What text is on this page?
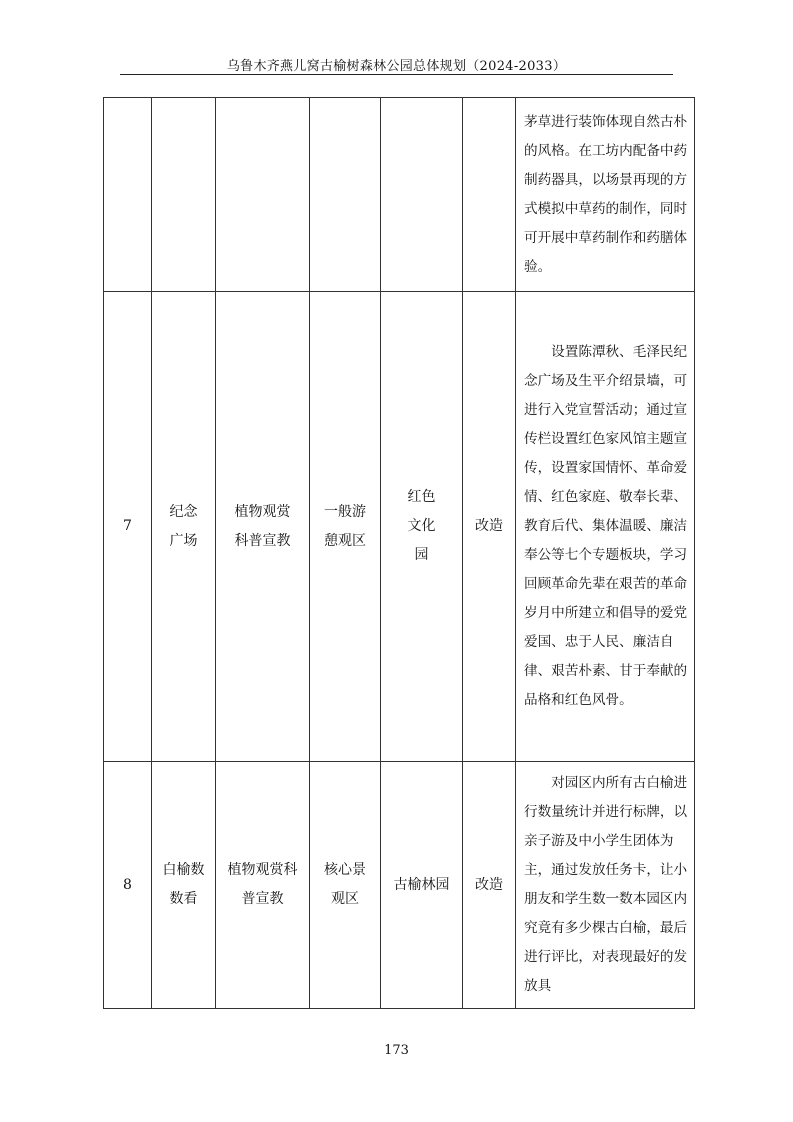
乌鲁木齐燕儿窝古榆树森林公园总体规划（2024-2033）

						茅草进行装饰体现自然古朴的风格。在工坊内配备中药制药器具，以场景再现的方式模拟中草药的制作，同时可开展中草药制作和药膳体验。

7	纪念广场	植物观赏科普宣教	一般游憩观区	红色文化园	改造	　　设置陈潭秋、毛泽民纪念广场及生平介绍景墙，可进行入党宣誓活动；通过宣传栏设置红色家风馆主题宣传，设置家国情怀、革命爱情、红色家庭、敬奉长辈、教育后代、集体温暖、廉洁奉公等七个专题板块，学习回顾革命先辈在艰苦的革命岁月中所建立和倡导的爱党爱国、忠于人民、廉洁自律、艰苦朴素、甘于奉献的品格和红色风骨。

8	白榆数数看	植物观赏科普宣教	核心景观区	古榆林园	改造	　　对园区内所有古白榆进行数量统计并进行标牌，以亲子游及中小学生团体为主，通过发放任务卡，让小朋友和学生数一数本园区内究竟有多少棵古白榆，最后进行评比，对表现最好的发放具
173
